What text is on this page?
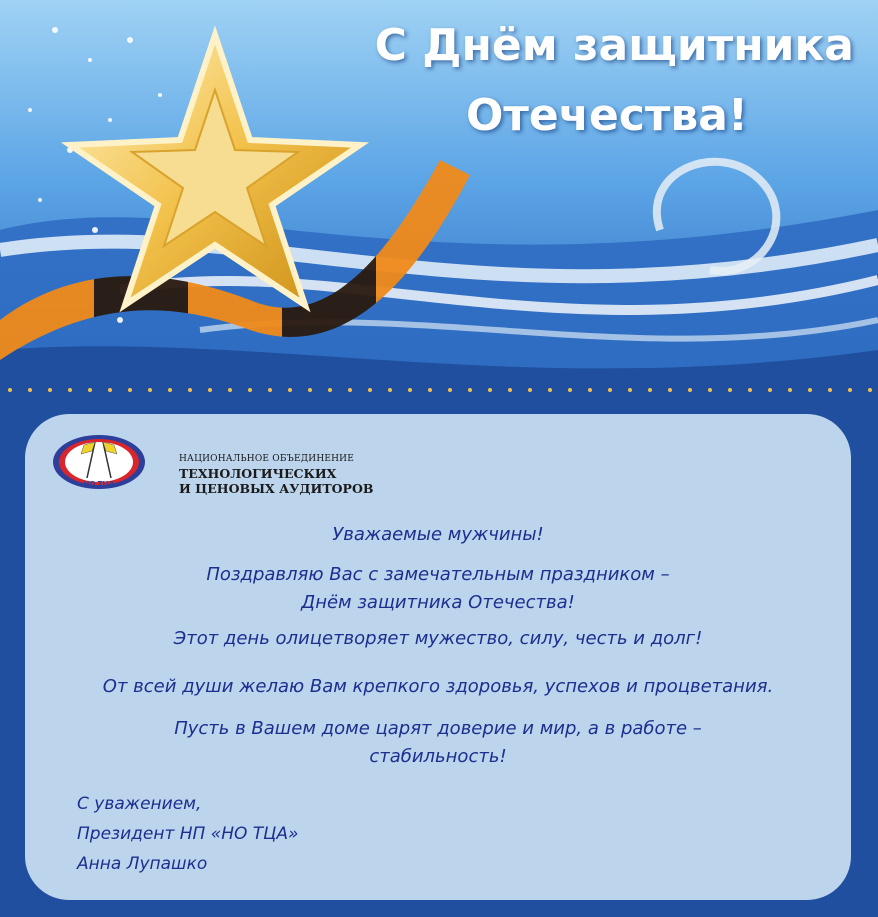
С Днём защитника
Отечества!
НО ТЦА
НАЦИОНАЛЬНОЕ ОБЪЕДИНЕНИЕ
ТЕХНОЛОГИЧЕСКИХ
И ЦЕНОВЫХ АУДИТОРОВ
Уважаемые мужчины!
Поздравляю Вас с замечательным праздником –
Днём защитника Отечества!
Этот день олицетворяет мужество, силу, честь и долг!
От всей души желаю Вам крепкого здоровья, успехов и процветания.
Пусть в Вашем доме царят доверие и мир, а в работе –
стабильность!
С уважением,
Президент НП «НО ТЦА»
Анна Лупашко
